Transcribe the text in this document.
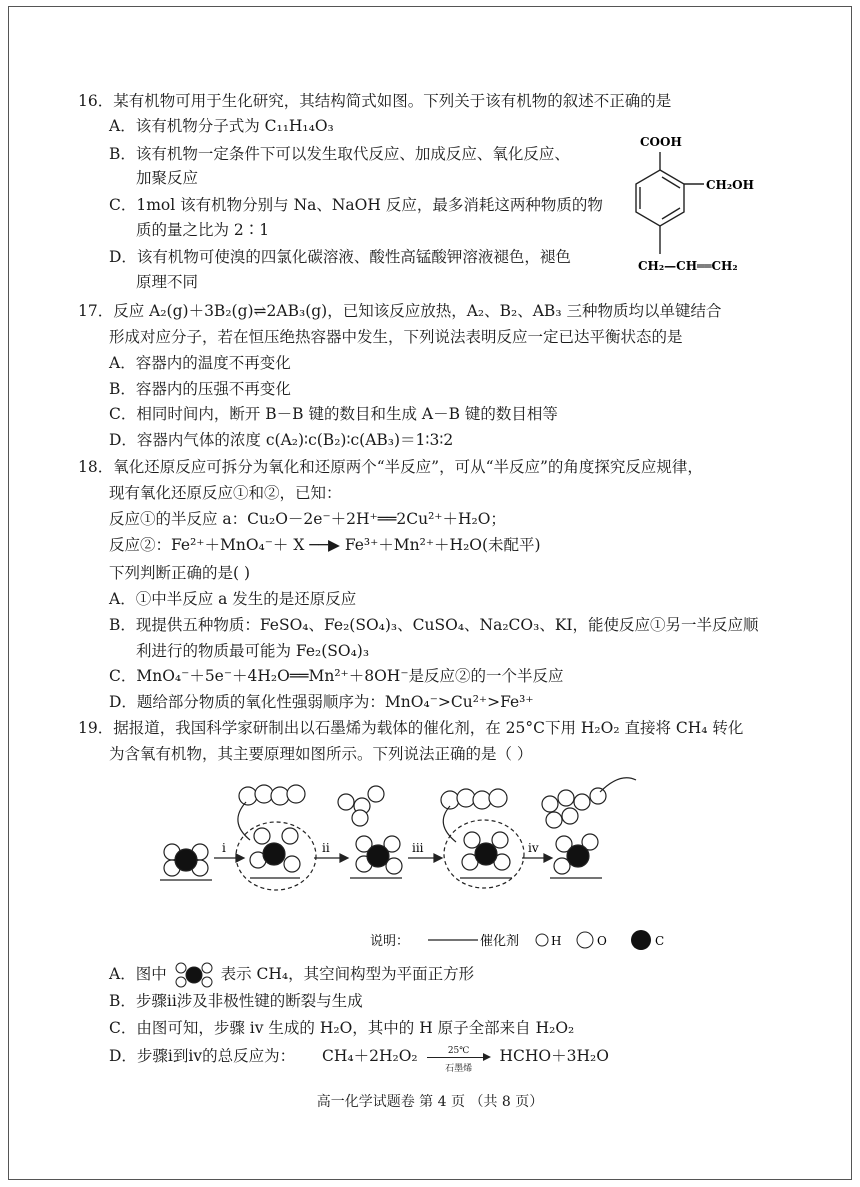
16．某有机物可用于生化研究，其结构简式如图。下列关于该有机物的叙述不正确的是
A．该有机物分子式为 C₁₁H₁₄O₃
B．该有机物一定条件下可以发生取代反应、加成反应、氧化反应、
加聚反应
C．1mol 该有机物分别与 Na、NaOH 反应，最多消耗这两种物质的物
质的量之比为 2∶1
D．该有机物可使溴的四氯化碳溶液、酸性高锰酸钾溶液褪色，褪色
原理不同
COOH
CH₂OH
CH₂—CH══CH₂
17．反应 A₂(g)＋3B₂(g)⇌2AB₃(g)，已知该反应放热，A₂、B₂、AB₃ 三种物质均以单键结合
形成对应分子，若在恒压绝热容器中发生，下列说法表明反应一定已达平衡状态的是
A．容器内的温度不再变化
B．容器内的压强不再变化
C．相同时间内，断开 B－B 键的数目和生成 A－B 键的数目相等
D．容器内气体的浓度 c(A₂)∶c(B₂)∶c(AB₃)＝1∶3∶2
18．氧化还原反应可拆分为氧化和还原两个“半反应”，可从“半反应”的角度探究反应规律，
现有氧化还原反应①和②，已知：
反应①的半反应 a：Cu₂O－2e⁻＋2H⁺══2Cu²⁺＋H₂O；
反应②：Fe²⁺＋MnO₄⁻＋ X ──▶ Fe³⁺＋Mn²⁺＋H₂O(未配平)
下列判断正确的是( )
A．①中半反应 a 发生的是还原反应
B．现提供五种物质：FeSO₄、Fe₂(SO₄)₃、CuSO₄、Na₂CO₃、KI，能使反应①另一半反应顺
利进行的物质最可能为 Fe₂(SO₄)₃
C．MnO₄⁻＋5e⁻＋4H₂O══Mn²⁺＋8OH⁻是反应②的一个半反应
D．题给部分物质的氧化性强弱顺序为：MnO₄⁻>Cu²⁺>Fe³⁺
19．据报道，我国科学家研制出以石墨烯为载体的催化剂，在 25°C下用 H₂O₂ 直接将 CH₄ 转化
为含氧有机物，其主要原理如图所示。下列说法正确的是（ ）
i	ii	iii	iv
说明：	催化剂	H	O	C
A．图中	表示 CH₄，其空间构型为平面正方形
B．步骤ii涉及非极性键的断裂与生成
C．由图可知，步骤 iv 生成的 H₂O，其中的 H 原子全部来自 H₂O₂
D．步骤i到iv的总反应为： CH₄＋2H₂O₂	25℃
石墨烯
HCHO＋3H₂O
高一化学试题卷 第 4 页 （共 8 页）
